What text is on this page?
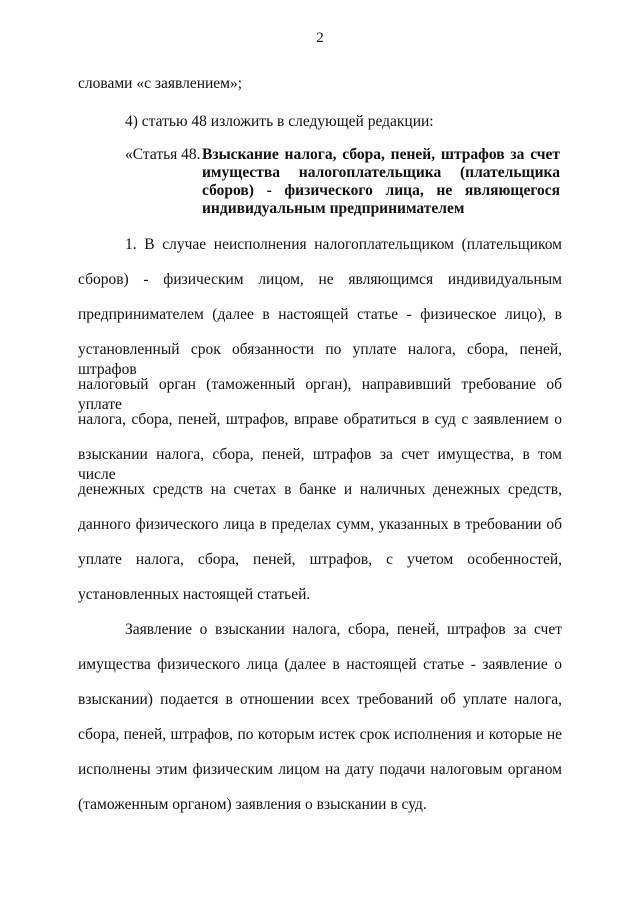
2
словами «с заявлением»;
4) статью 48 изложить в следующей редакции:
«Статья 48. Взыскание налога, сбора, пеней, штрафов за счет
имущества налогоплательщика (плательщика
сборов) - физического лица, не являющегося
индивидуальным предпринимателем
1. В случае неисполнения налогоплательщиком (плательщиком
сборов) - физическим лицом, не являющимся индивидуальным
предпринимателем (далее в настоящей статье - физическое лицо), в
установленный срок обязанности по уплате налога, сбора, пеней, штрафов
налоговый орган (таможенный орган), направивший требование об уплате
налога, сбора, пеней, штрафов, вправе обратиться в суд с заявлением о
взыскании налога, сбора, пеней, штрафов за счет имущества, в том числе
денежных средств на счетах в банке и наличных денежных средств,
данного физического лица в пределах сумм, указанных в требовании об
уплате налога, сбора, пеней, штрафов, с учетом особенностей,
установленных настоящей статьей.
Заявление о взыскании налога, сбора, пеней, штрафов за счет
имущества физического лица (далее в настоящей статье - заявление о
взыскании) подается в отношении всех требований об уплате налога,
сбора, пеней, штрафов, по которым истек срок исполнения и которые не
исполнены этим физическим лицом на дату подачи налоговым органом
(таможенным органом) заявления о взыскании в суд.
